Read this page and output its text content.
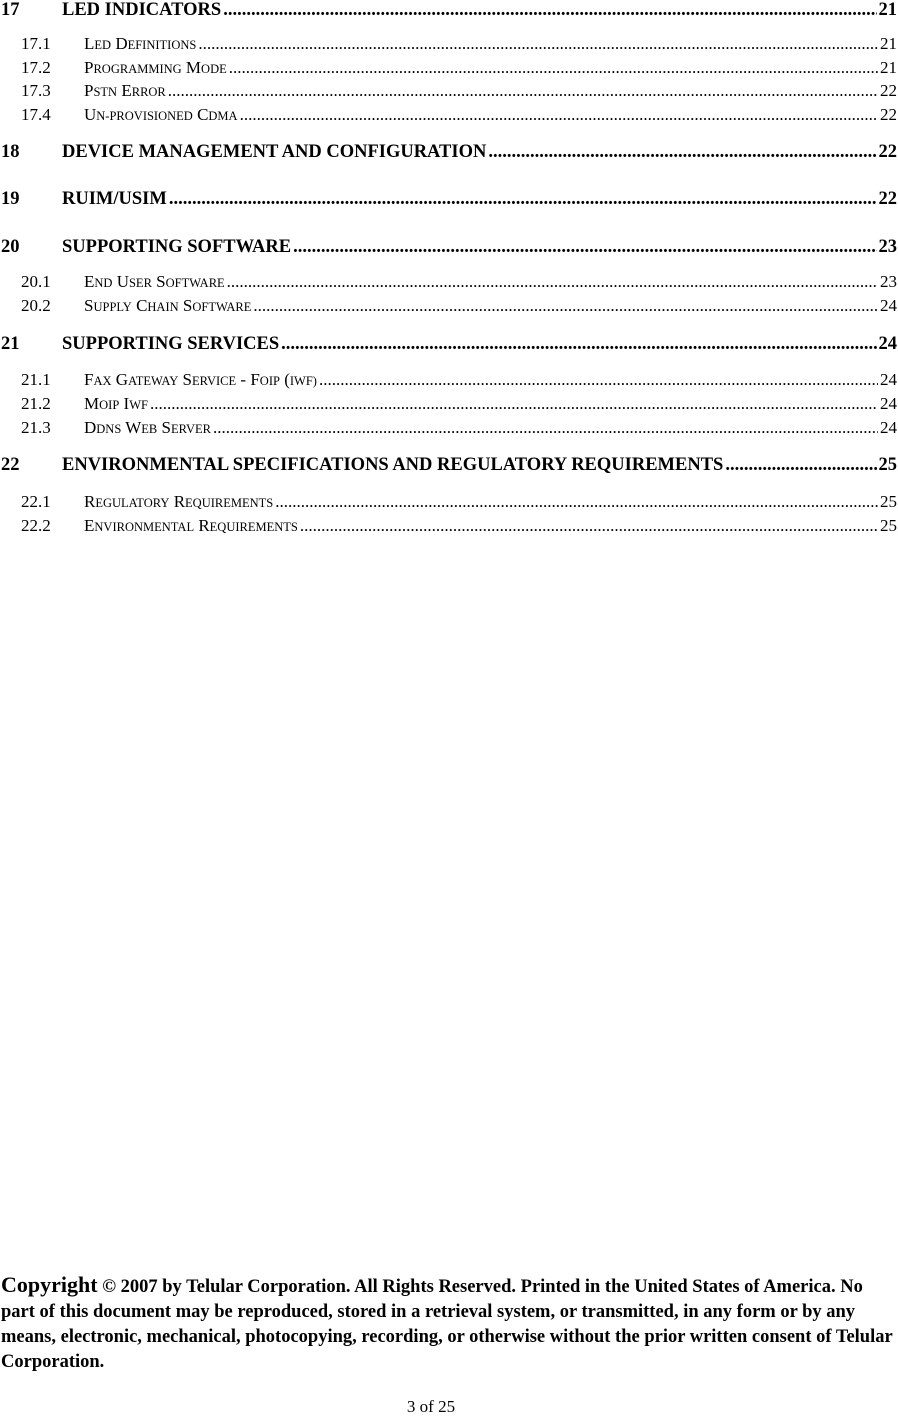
17 LED INDICATORS .....	21
17.1 LED DEFINITIONS .....	21
17.2 PROGRAMMING MODE .....	21
17.3 PSTN ERROR .....	22
17.4 UN-PROVISIONED CDMA .....	22
18 DEVICE MANAGEMENT AND CONFIGURATION .....	22
19 RUIM/USIM .....	22
20 SUPPORTING SOFTWARE .....	23
20.1 END USER SOFTWARE .....	23
20.2 SUPPLY CHAIN SOFTWARE .....	24
21 SUPPORTING SERVICES .....	24
21.1 FAX GATEWAY SERVICE - FOIP (IWF) .....	24
21.2 MOIP IWF .....	24
21.3 DDNS WEB SERVER .....	24
22 ENVIRONMENTAL SPECIFICATIONS AND REGULATORY REQUIREMENTS .....	25
22.1 REGULATORY REQUIREMENTS .....	25
22.2 ENVIRONMENTAL REQUIREMENTS .....	25
Copyright © 2007 by Telular Corporation. All Rights Reserved. Printed in the United States of America. No part of this document may be reproduced, stored in a retrieval system, or transmitted, in any form or by any means, electronic, mechanical, photocopying, recording, or otherwise without the prior written consent of Telular Corporation.
3 of 25
